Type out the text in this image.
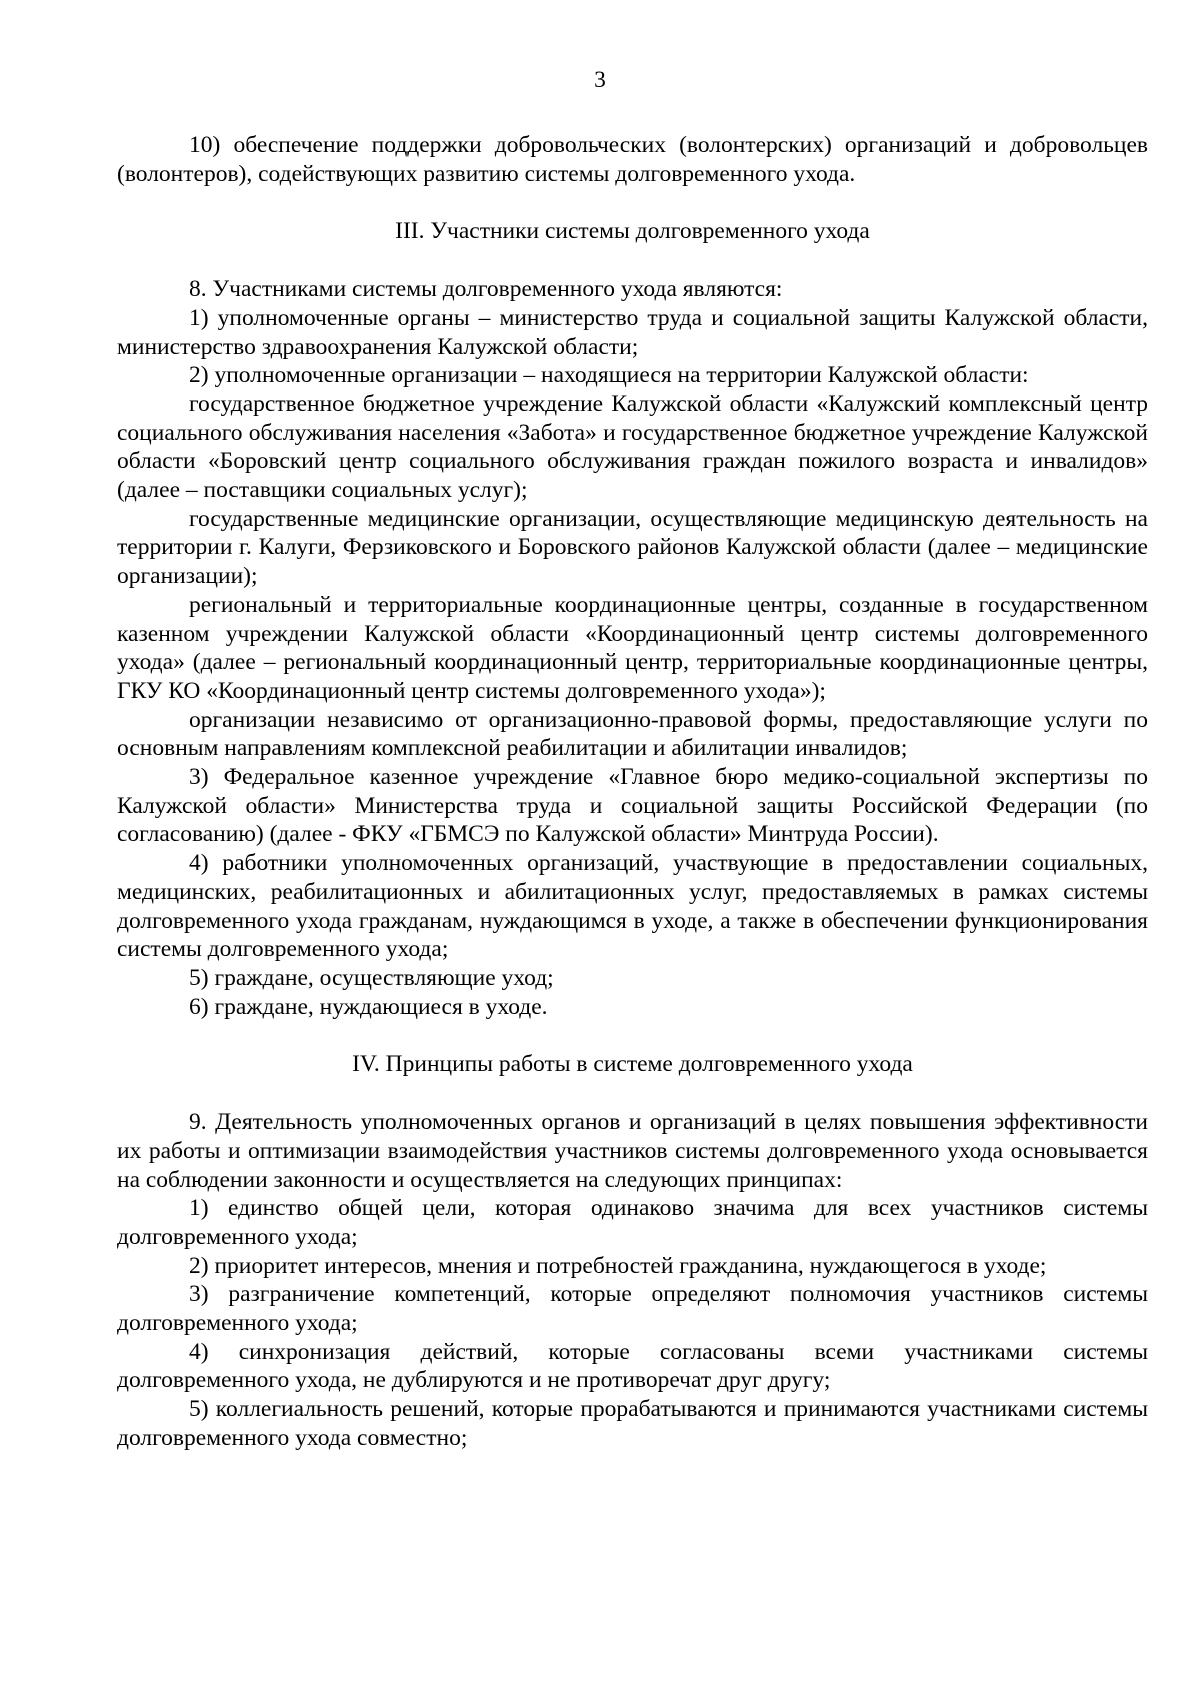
3

10) обеспечение поддержки добровольческих (волонтерских) организаций и добровольцев (волонтеров), содействующих развитию системы долговременного ухода.

III. Участники системы долговременного ухода

8. Участниками системы долговременного ухода являются:

1) уполномоченные органы – министерство труда и социальной защиты Калужской области, министерство здравоохранения Калужской области;

2) уполномоченные организации – находящиеся на территории Калужской области:

государственное бюджетное учреждение Калужской области «Калужский комплексный центр социального обслуживания населения «Забота» и государственное бюджетное учреждение Калужской области «Боровский центр социального обслуживания граждан пожилого возраста и инвалидов» (далее – поставщики социальных услуг);

государственные медицинские организации, осуществляющие медицинскую деятельность на территории г. Калуги, Ферзиковского и Боровского районов Калужской области (далее – медицинские организации);

региональный и территориальные координационные центры, созданные в государственном казенном учреждении Калужской области «Координационный центр системы долговременного ухода» (далее – региональный координационный центр, территориальные координационные центры, ГКУ КО «Координационный центр системы долговременного ухода»);

организации независимо от организационно-правовой формы, предоставляющие услуги по основным направлениям комплексной реабилитации и абилитации инвалидов;

3) Федеральное казенное учреждение «Главное бюро медико-социальной экспертизы по Калужской области» Министерства труда и социальной защиты Российской Федерации (по согласованию) (далее - ФКУ «ГБМСЭ по Калужской области» Минтруда России).

4) работники уполномоченных организаций, участвующие в предоставлении социальных, медицинских, реабилитационных и абилитационных услуг, предоставляемых в рамках системы долговременного ухода гражданам, нуждающимся в уходе, а также в обеспечении функционирования системы долговременного ухода;

5) граждане, осуществляющие уход;

6) граждане, нуждающиеся в уходе.

IV. Принципы работы в системе долговременного ухода

9. Деятельность уполномоченных органов и организаций в целях повышения эффективности их работы и оптимизации взаимодействия участников системы долговременного ухода основывается на соблюдении законности и осуществляется на следующих принципах:

1) единство общей цели, которая одинаково значима для всех участников системы долговременного ухода;

2) приоритет интересов, мнения и потребностей гражданина, нуждающегося в уходе;

3) разграничение компетенций, которые определяют полномочия участников системы долговременного ухода;

4) синхронизация действий, которые согласованы всеми участниками системы долговременного ухода, не дублируются и не противоречат друг другу;

5) коллегиальность решений, которые прорабатываются и принимаются участниками системы долговременного ухода совместно;
